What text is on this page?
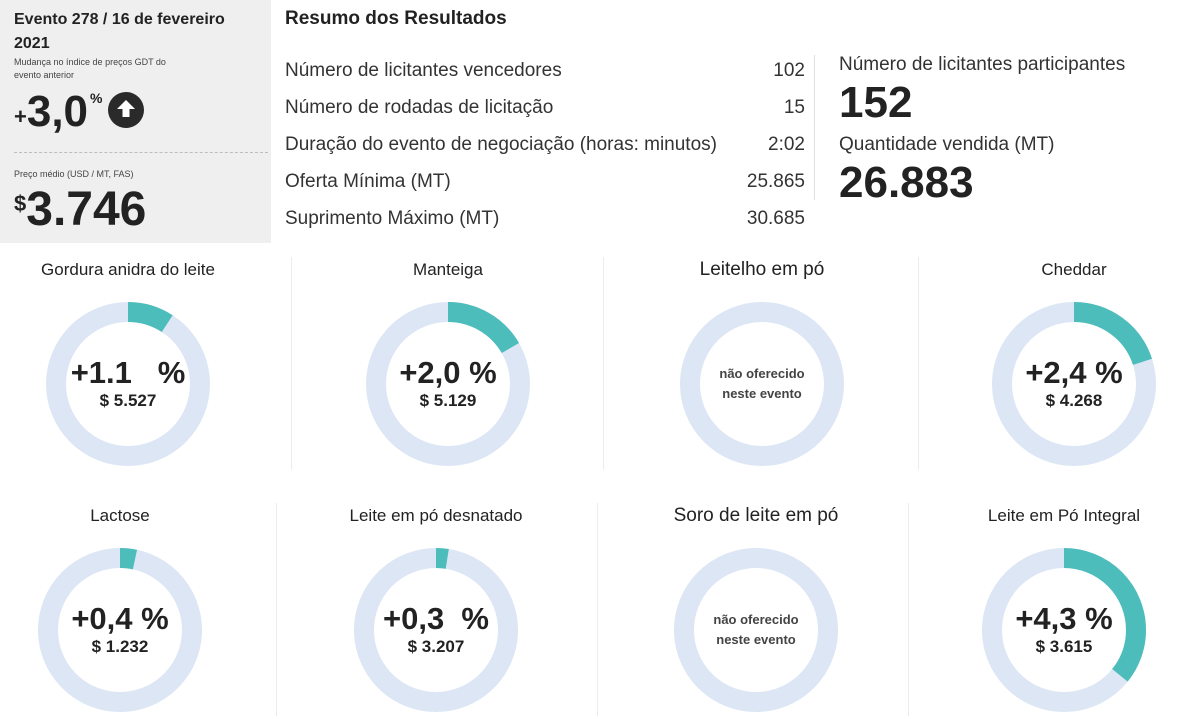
Evento 278 / 16 de fevereiro 2021
Mudança no índice de preços GDT do evento anterior
+ 3,0 %
Preço médio (USD / MT, FAS)
$ 3.746
Resumo dos Resultados
Número de licitantes vencedores	102
Número de rodadas de licitação	15
Duração do evento de negociação (horas: minutos)	2:02
Oferta Mínima (MT)	25.865
Suprimento Máximo (MT)	30.685
Número de licitantes participantes
152
Quantidade vendida (MT)
26.883
Gordura anidra do leite
+1.1   %
$ 5.527
Manteiga
+2,0 %
$ 5.129
Leitelho em pó
não oferecido
neste evento
Cheddar
+2,4 %
$ 4.268
Lactose
+0,4 %
$ 1.232
Leite em pó desnatado
+0,3  %
$ 3.207
Soro de leite em pó
não oferecido
neste evento
Leite em Pó Integral
+4,3 %
$ 3.615
